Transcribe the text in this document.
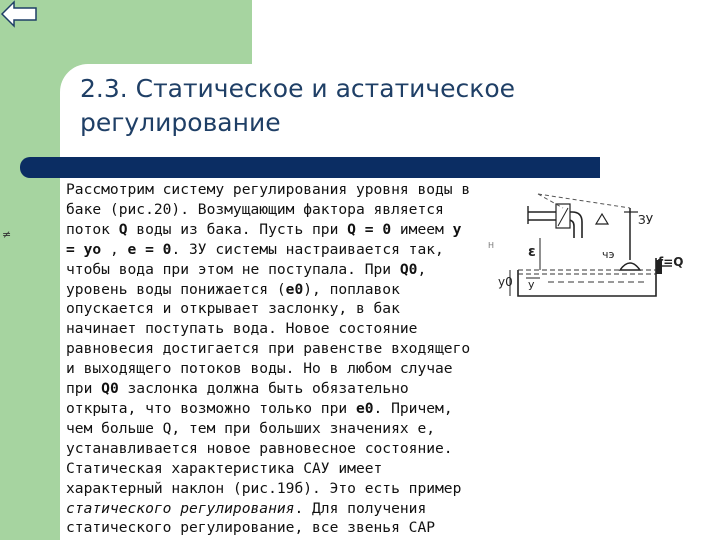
2.3. Статическое и астатическое регулирование
≠

Рассмотрим систему регулирования уровня воды в баке (рис.20). Возмущающим фактора является поток Q воды из бака. Пусть при Q = 0 имеем y = yо , е = 0. ЗУ системы настраивается так, чтобы вода при этом не поступала. При Q0, уровень воды понижается (е0), поплавок опускается и открывает заслонку, в бак начинает поступать вода. Новое состояние равновесия достигается при равенстве входящего и выходящего потоков воды. Но в любом случае при Q0 заслонка должна быть обязательно открыта, что возможно только при е0. Причем, чем больше Q, тем при больших значениях е, устанавливается новое равновесное состояние. Статическая характеристика САУ имеет характерный наклон (рис.19б). Это есть пример статического регулирования. Для получения статического регулирование, все звенья САР

ЗУ
ε	чэ
f=Q
y0 y
Н
